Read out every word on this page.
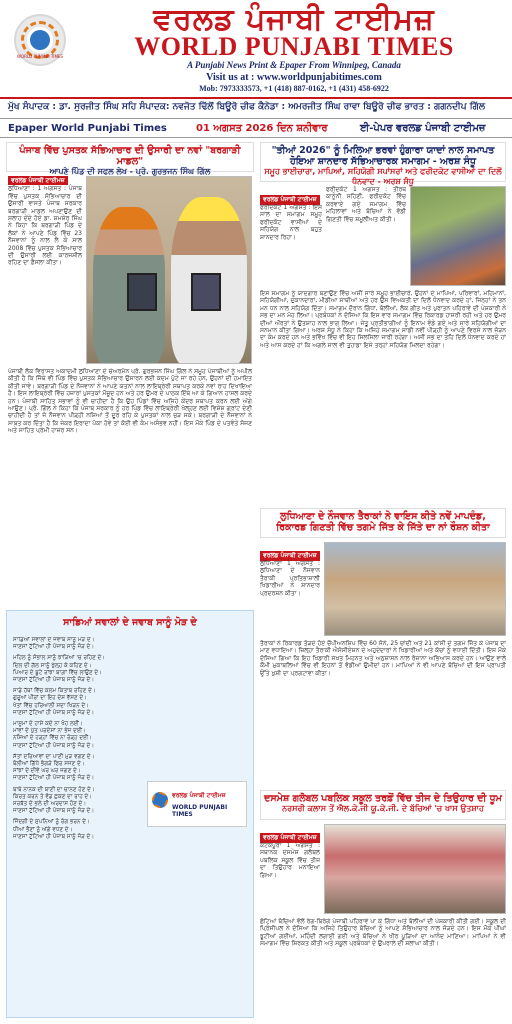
WORLD PUNJABI TIMES
ਵਰਲਡ ਪੰਜਾਬੀ ਟਾਈਮਜ਼
WORLD PUNJABI TIMES
A Punjabi News Print & Epaper From Winnipeg, Canada
Visit us at : www.worldpunjabitimes.com
Mob: 7973333573, +1 (418) 887-0162, +1 (431) 458-6922
ਮੁੱਖ ਸੰਪਾਦਕ : ਡਾ. ਸੁਰਜੀਤ ਸਿੰਘ ਸਹਿ ਸੰਪਾਦਕ: ਨਵਜੋਤ ਢਿੱਲੋਂ ਬਿਊਰੋ ਚੀਫ ਕੈਨੇਡਾ : ਅਮਰਜੀਤ ਸਿੰਘ ਰਾਵਾ ਬਿਊਰੋ ਚੀਫ ਭਾਰਤ : ਗਗਨਦੀਪ ਗਿੱਲ
Epaper World Punjabi Times	01 ਅਗਸਤ 2026 ਦਿਨ ਸ਼ਨੀਵਾਰ	ਈ-ਪੇਪਰ ਵਰਲਡ ਪੰਜਾਬੀ ਟਾਈਮਜ਼
ਪੰਜਾਬ ਵਿੱਚ ਪੁਸਤਕ ਸੱਭਿਆਚਾਰ ਦੀ ਉਸਾਰੀ ਦਾ ਨਵਾਂ "ਬਰਗਾੜੀ ਮਾਡਲ"
ਆਪਣੇ ਪਿੰਡ ਦੀ ਸਫਲ ਲੇਖ - ਪ੍ਰੋ. ਗੁਰਭਜਨ ਸਿੰਘ ਗਿੱਲ
ਵਰਲਡ ਪੰਜਾਬੀ ਟਾਈਮਜ਼ ਲੁਧਿਆਣਾ : 1 ਅਗਸਤ : ਪੰਜਾਬ ਵਿੱਚ ਪੁਸਤਕ ਸੱਭਿਆਚਾਰ ਦੀ ਉਸਾਰੀ ਵਾਸਤੇ ਪੰਜਾਬ ਸਰਕਾਰ ਬਰਗਾੜੀ ਮਾਡਲ ਅਪਣਾਉਣ ਦੀ ਸਲਾਹ ਦੇਂਦੇ ਹੋਏ ਡਾ. ਸ਼ਮਸ਼ੇਰ ਸਿੰਘ ਨੇ ਕਿਹਾ ਕਿ ਬਰਗਾੜੀ ਪਿੰਡ ਦੇ ਲੋਕਾਂ ਨੇ ਆਪਣੇ ਪਿੰਡ ਵਿੱਚ 23 ਨੌਜਵਾਨਾਂ ਨੂੰ ਨਾਲ ਲੈ ਕੇ ਸਾਲ 2008 ਵਿੱਚ ਪੁਸਤਕ ਸੱਭਿਆਚਾਰ ਦੀ ਉਸਾਰੀ ਲਈ ਕਾਰਜਸ਼ੀਲ ਰਹਿਣ ਦਾ ਫ਼ੈਸਲਾ ਕੀਤਾ।
ਪੰਜਾਬੀ ਲੋਕ ਵਿਰਾਸਤ ਅਕਾਦਮੀ ਲੁਧਿਆਣਾ ਦੇ ਚੇਅਰਮੈਨ ਪ੍ਰੋ. ਗੁਰਭਜਨ ਸਿੰਘ ਗਿੱਲ ਨੇ ਸਮੂਹ ਪੰਜਾਬੀਆਂ ਨੂੰ ਅਪੀਲ ਕੀਤੀ ਹੈ ਕਿ ਜਿੱਥੇ ਵੀ ਪਿੰਡ ਵਿੱਚ ਪੁਸਤਕ ਸੱਭਿਆਚਾਰ ਉਸਾਰਨ ਲਈ ਕਦਮ ਪੁੱਟੇ ਜਾ ਰਹੇ ਹਨ, ਉਹਨਾਂ ਦੀ ਹਮਾਇਤ ਕੀਤੀ ਜਾਵੇ। ਬਰਗਾੜੀ ਪਿੰਡ ਦੇ ਨੌਜਵਾਨਾਂ ਨੇ ਆਪਣੇ ਯਤਨਾਂ ਨਾਲ ਲਾਇਬ੍ਰੇਰੀ ਸਥਾਪਤ ਕਰਕੇ ਨਵਾਂ ਰਾਹ ਦਿਖਾਇਆ ਹੈ। ਇਸ ਲਾਇਬ੍ਰੇਰੀ ਵਿੱਚ ਹਜ਼ਾਰਾਂ ਪੁਸਤਕਾਂ ਮੌਜੂਦ ਹਨ ਅਤੇ ਹਰ ਉਮਰ ਦੇ ਪਾਠਕ ਇੱਥੇ ਆ ਕੇ ਗਿਆਨ ਹਾਸਲ ਕਰਦੇ ਹਨ। ਪੰਜਾਬੀ ਸਾਹਿਤ ਸਭਾਵਾਂ ਨੂੰ ਵੀ ਚਾਹੀਦਾ ਹੈ ਕਿ ਉਹ ਪਿੰਡਾਂ ਵਿੱਚ ਅਜਿਹੇ ਕੇਂਦਰ ਸਥਾਪਤ ਕਰਨ ਲਈ ਅੱਗੇ ਆਉਣ। ਪ੍ਰੋ. ਗਿੱਲ ਨੇ ਕਿਹਾ ਕਿ ਪੰਜਾਬ ਸਰਕਾਰ ਨੂੰ ਹਰ ਪਿੰਡ ਵਿੱਚ ਲਾਇਬ੍ਰੇਰੀ ਖੋਲ੍ਹਣ ਲਈ ਵਿਸ਼ੇਸ਼ ਗ੍ਰਾਂਟ ਦੇਣੀ ਚਾਹੀਦੀ ਹੈ ਤਾਂ ਜੋ ਨੌਜਵਾਨ ਪੀੜ੍ਹੀ ਨਸ਼ਿਆਂ ਤੋਂ ਦੂਰ ਰਹਿ ਕੇ ਪੁਸਤਕਾਂ ਨਾਲ ਜੁੜ ਸਕੇ। ਬਰਗਾੜੀ ਦੇ ਨੌਜਵਾਨਾਂ ਨੇ ਸਾਬਤ ਕਰ ਦਿੱਤਾ ਹੈ ਕਿ ਜੇਕਰ ਇਰਾਦਾ ਪੱਕਾ ਹੋਵੇ ਤਾਂ ਕੋਈ ਵੀ ਕੰਮ ਅਸੰਭਵ ਨਹੀਂ। ਇਸ ਮੌਕੇ ਪਿੰਡ ਦੇ ਪਤਵੰਤੇ ਸੱਜਣ ਅਤੇ ਸਾਹਿਤ ਪ੍ਰੇਮੀ ਹਾਜ਼ਰ ਸਨ।
ਸਾਡਿਆਂ ਸਵਾਲਾਂ ਦੇ ਜਵਾਬ ਸਾਨੂੰ ਮੋੜ ਦੇ
ਸਾਡਿਆਂ ਸਵਾਲਾਂ ਦੇ ਜਵਾਬ ਸਾਨੂੰ ਮੋੜ ਦੇ।
ਜਾਣਸਾਂ ਟੁੱਟਿਆਂ ਹੀ ਪੰਜਾਬ ਸਾਨੂੰ ਜੋੜ ਦੇ।
ਮਹਿਲ ਨੂੰ ਸੰਭਾਲ ਸਾਨੂੰ ਝਾੜਿਆਂ 'ਚ ਰਹਿਣ ਦੇ।
ਦਿਲ ਦੀ ਗੱਲ ਸਾਨੂੰ ਖੁੱਲ੍ਹ ਕੇ ਕਹਿਣ ਦੇ।
ਪਿਆਰ ਦੇ ਬੂਟੇ ਰਾਂਝਾ ਬਾਗ਼ਾਂ ਵਿੱਚ ਲਾਉਣ ਦੇ।
ਜਾਣਸਾਂ ਟੁੱਟਿਆਂ ਹੀ ਪੰਜਾਬ ਸਾਨੂੰ ਜੋੜ ਦੇ।
ਸਾਡੇ ਹੱਥਾਂ ਵਿੱਚ ਕਲਮ ਕਿਤਾਬ ਰਹਿਣ ਦੇ।
ਗੁਰੂਆਂ ਪੀਰਾਂ ਦਾ ਇਹ ਦੇਸ਼ ਵੱਸਣ ਦੇ।
ਖੇਤਾਂ ਵਿੱਚ ਹਰਿਆਲੀ ਸਦਾ ਖਿੜਨ ਦੇ।
ਜਾਣਸਾਂ ਟੁੱਟਿਆਂ ਹੀ ਪੰਜਾਬ ਸਾਨੂੰ ਜੋੜ ਦੇ।
ਮਾਸੂਮਾਂ ਦੇ ਹਾਸੇ ਕਦੇ ਨਾ ਖੋਹ ਲਈਂ।
ਮਾਂਵਾਂ ਦੇ ਪੁੱਤ ਪਰਦੇਸਾਂ ਨਾ ਭੇਜ ਦਈਂ।
ਨਸ਼ਿਆਂ ਦੇ ਹੜ੍ਹਾਂ ਵਿੱਚ ਨਾ ਰੋੜ੍ਹ ਦਈਂ।
ਜਾਣਸਾਂ ਟੁੱਟਿਆਂ ਹੀ ਪੰਜਾਬ ਸਾਨੂੰ ਜੋੜ ਦੇ।
ਸੱਤਾਂ ਦਰਿਆਵਾਂ ਦਾ ਪਾਣੀ ਮੁੜ ਵਗਣ ਦੇ।
ਬੋਲੀਆਂ ਗਿੱਧੇ ਭੰਗੜੇ ਫਿਰ ਸਜਣ ਦੇ।
ਸਾਂਝਾਂ ਦੇ ਦੀਵੇ ਘਰ ਘਰ ਜਗਣ ਦੇ।
ਜਾਣਸਾਂ ਟੁੱਟਿਆਂ ਹੀ ਪੰਜਾਬ ਸਾਨੂੰ ਜੋੜ ਦੇ।
ਬਾਬੇ ਨਾਨਕ ਦੀ ਬਾਣੀ ਦਾ ਚਾਨਣ ਹੋਣ ਦੇ।
ਕਿਰਤ ਕਰਨ ਤੇ ਵੰਡ ਛਕਣ ਦਾ ਰਾਹ ਦੇ।
ਸਰਬੱਤ ਦੇ ਭਲੇ ਦੀ ਅਰਦਾਸ ਹੋਣ ਦੇ।
ਜਾਣਸਾਂ ਟੁੱਟਿਆਂ ਹੀ ਪੰਜਾਬ ਸਾਨੂੰ ਜੋੜ ਦੇ।
ਜਿੰਦਗੀ ਦੇ ਸੁਪਨਿਆਂ ਨੂੰ ਰੰਗ ਭਰਨ ਦੇ।
ਧੀਆਂ ਭੈਣਾਂ ਨੂੰ ਅੱਗੇ ਵਧਣ ਦੇ।
ਜਾਣਸਾਂ ਟੁੱਟਿਆਂ ਹੀ ਪੰਜਾਬ ਸਾਨੂੰ ਜੋੜ ਦੇ।
ਵਰਲਡ ਪੰਜਾਬੀ ਟਾਈਮਜ਼
WORLD PUNJABI TIMES
"ਤੀਆਂ 2026" ਨੂੰ ਮਿਲਿਆ ਭਰਵਾਂ ਹੁੰਗਾਰਾ ਯਾਦਾਂ ਨਾਲ ਸਮਾਪਤ ਹੋਇਆ ਸ਼ਾਨਦਾਰ ਸੱਭਿਆਚਾਰਕ ਸਮਾਗਮ - ਅਰਸ਼ ਸੰਧੂ
ਸਮੂਹ ਭਾਈਚਾਰਾ, ਮਾਪਿਆਂ, ਸਹਿਯੋਗੀ ਸਪਾਂਸਰਾਂ ਅਤੇ ਫਰੀਦਕੋਟ ਵਾਸੀਆਂ ਦਾ ਦਿਲੋਂ ਧੰਨਵਾਦ - ਅਰਸ਼ ਸੰਧੂ
ਵਰਲਡ ਪੰਜਾਬੀ ਟਾਈਮਜ਼
ਫਰੀਦਕੋਟ 1 ਅਗਸਤ : ਇਸ ਸਾਲ ਦਾ ਸਮਾਗਮ ਸਮੂਹ ਫਰੀਦਕੋਟ ਵਾਸੀਆਂ ਦੇ ਸਹਿਯੋਗ ਨਾਲ ਬਹੁਤ ਸ਼ਾਨਦਾਰ ਰਿਹਾ।
ਫਰੀਦਕੋਟ 1 ਅਗਸਤ : ਤੀਰਥ ਕਾਨੂੰਨੀ ਸਹਿਣੀ, ਫਰੀਦਕੋਟ ਵਿੱਚ ਕਰਵਾਏ ਗਏ ਸਮਾਗਮ ਵਿੱਚ ਮਹਿਲਾਵਾਂ ਅਤੇ ਬੱਚਿਆਂ ਨੇ ਵੱਡੀ ਗਿਣਤੀ ਵਿੱਚ ਸ਼ਮੂਲੀਅਤ ਕੀਤੀ।
ਇਸ ਸਮਾਗਮ ਨੂੰ ਯਾਦਗਾਰ ਬਣਾਉਣ ਵਿੱਚ ਅਸੀਂ ਸਾਰੇ ਸਮੂਹ ਭਾਈਚਾਰੇ, ਉਹਨਾਂ ਦੇ ਮਾਪਿਆਂ, ਪਰਿਵਾਰਾਂ, ਮਹਿਮਾਨਾਂ, ਸਹਿਯੋਗੀਆਂ, ਦੁਕਾਨਦਾਰਾਂ, ਮੀਡੀਆ ਸਾਥੀਆਂ ਅਤੇ ਹਰ ਉਸ ਵਿਅਕਤੀ ਦਾ ਦਿਲੋਂ ਧੰਨਵਾਦ ਕਰਦੇ ਹਾਂ, ਜਿਨ੍ਹਾਂ ਨੇ ਤਨ ਮਨ ਧਨ ਨਾਲ ਸਹਿਯੋਗ ਦਿੱਤਾ। ਸਮਾਗਮ ਦੌਰਾਨ ਗਿੱਧਾ, ਬੋਲੀਆਂ, ਲੋਕ ਗੀਤ ਅਤੇ ਪੁਰਾਤਨ ਪਹਿਰਾਵੇ ਦੀ ਪੇਸ਼ਕਾਰੀ ਨੇ ਸਭ ਦਾ ਮਨ ਮੋਹ ਲਿਆ। ਪ੍ਰਬੰਧਕਾਂ ਨੇ ਦੱਸਿਆ ਕਿ ਇਸ ਵਾਰ ਸਮਾਗਮ ਵਿੱਚ ਰਿਕਾਰਡ ਹਾਜ਼ਰੀ ਰਹੀ ਅਤੇ ਹਰ ਉਮਰ ਦੀਆਂ ਔਰਤਾਂ ਨੇ ਉਤਸ਼ਾਹ ਨਾਲ ਭਾਗ ਲਿਆ। ਜੇਤੂ ਪ੍ਰਤੀਭਾਗੀਆਂ ਨੂੰ ਇਨਾਮ ਵੰਡੇ ਗਏ ਅਤੇ ਸਾਰੇ ਸਹਿਯੋਗੀਆਂ ਦਾ ਸਨਮਾਨ ਕੀਤਾ ਗਿਆ। ਅਰਸ਼ ਸੰਧੂ ਨੇ ਕਿਹਾ ਕਿ ਅਜਿਹੇ ਸਮਾਗਮ ਸਾਡੀ ਨਵੀਂ ਪੀੜ੍ਹੀ ਨੂੰ ਆਪਣੇ ਵਿਰਸੇ ਨਾਲ ਜੋੜਨ ਦਾ ਕੰਮ ਕਰਦੇ ਹਨ ਅਤੇ ਭਵਿੱਖ ਵਿੱਚ ਵੀ ਇਹ ਸਿਲਸਿਲਾ ਜਾਰੀ ਰਹੇਗਾ। ਅਸੀਂ ਸਭ ਦਾ ਤਹਿ ਦਿਲੋਂ ਧੰਨਵਾਦ ਕਰਦੇ ਹਾਂ ਅਤੇ ਆਸ ਕਰਦੇ ਹਾਂ ਕਿ ਅਗਲੇ ਸਾਲ ਵੀ ਤੁਹਾਡਾ ਇਸੇ ਤਰ੍ਹਾਂ ਸਹਿਯੋਗ ਮਿਲਦਾ ਰਹੇਗਾ।
ਲੁਧਿਆਣਾ ਦੇ ਨੌਜਵਾਨ ਤੈਰਾਕਾਂ ਨੇ ਵਾਇਸ ਕੀਤੇ ਨਵੇਂ ਮਾਪਦੰਡ, ਰਿਕਾਰਡ ਗਿਣਤੀ ਵਿੱਚ ਤਗਮੇ ਜਿੱਤ ਕੇ ਜਿੱਤੇ ਦਾ ਨਾਂ ਰੌਸ਼ਨ ਕੀਤਾ
ਵਰਲਡ ਪੰਜਾਬੀ ਟਾਈਮਜ਼
ਲੁਧਿਆਣਾ 1 ਅਗਸਤ : ਲੁਧਿਆਣਾ ਦੇ ਨੌਜਵਾਨ ਤੈਰਾਕੀ ਪ੍ਰਤਿਭਾਸ਼ਾਲੀ ਖਿਡਾਰੀਆਂ ਨੇ ਸ਼ਾਨਦਾਰ ਪ੍ਰਦਰਸ਼ਨ ਕੀਤਾ।
ਤੈਰਾਕਾਂ ਨੇ ਰਿਕਾਰਡ ਤੋੜਦੇ ਹੋਏ ਚੈਂਪੀਅਨਸ਼ਿਪ ਵਿੱਚ 60 ਸੋਨੇ, 25 ਚਾਂਦੀ ਅਤੇ 21 ਕਾਂਸੀ ਦੇ ਤਗਮੇ ਜਿੱਤ ਕੇ ਪੰਜਾਬ ਦਾ ਮਾਣ ਵਧਾਇਆ। ਜ਼ਿਲ੍ਹਾ ਤੈਰਾਕੀ ਐਸੋਸੀਏਸ਼ਨ ਦੇ ਅਹੁਦੇਦਾਰਾਂ ਨੇ ਖਿਡਾਰੀਆਂ ਅਤੇ ਕੋਚਾਂ ਨੂੰ ਵਧਾਈ ਦਿੱਤੀ। ਇਸ ਮੌਕੇ ਦੱਸਿਆ ਗਿਆ ਕਿ ਇਹ ਖਿਡਾਰੀ ਸਖ਼ਤ ਮਿਹਨਤ ਅਤੇ ਅਨੁਸ਼ਾਸਨ ਨਾਲ ਰੋਜ਼ਾਨਾ ਅਭਿਆਸ ਕਰਦੇ ਹਨ। ਆਉਣ ਵਾਲੇ ਕੌਮੀ ਮੁਕਾਬਲਿਆਂ ਵਿੱਚ ਵੀ ਇਹਨਾਂ ਤੋਂ ਵੱਡੀਆਂ ਉਮੀਦਾਂ ਹਨ। ਮਾਪਿਆਂ ਨੇ ਵੀ ਆਪਣੇ ਬੱਚਿਆਂ ਦੀ ਇਸ ਪ੍ਰਾਪਤੀ ਉੱਤੇ ਖੁਸ਼ੀ ਦਾ ਪ੍ਰਗਟਾਵਾ ਕੀਤਾ।
ਦਸਮੇਸ਼ ਗਲੋਬਲ ਪਬਲਿਕ ਸਕੂਲ ਤਰਫ਼ੋਂ ਵਿੱਚ ਤੀਜ ਦੇ ਤਿਉਹਾਰ ਦੀ ਧੂਮ
ਨਰਸਰੀ ਕਲਾਸ ਤੋਂ ਐਲ.ਕੇ.ਜੀ ਯੂ.ਕੇ.ਜੀ. ਦੇ ਬੱਚਿਆਂ 'ਚ ਖਾਸ ਉਤਸ਼ਾਹ
ਵਰਲਡ ਪੰਜਾਬੀ ਟਾਈਮਜ਼
ਕੋਟਕਪੂਰਾ 1 ਅਗਸਤ : ਸਥਾਨਕ ਦਸਮੇਸ਼ ਗਲੋਬਲ ਪਬਲਿਕ ਸਕੂਲ ਵਿੱਚ ਤੀਜ ਦਾ ਤਿਉਹਾਰ ਮਨਾਇਆ ਗਿਆ।
ਛੋਟਿਆਂ ਬੱਚਿਆਂ ਵੱਲੋਂ ਰੰਗ-ਬਿਰੰਗੇ ਪੰਜਾਬੀ ਪਹਿਰਾਵੇ ਪਾ ਕੇ ਗਿੱਧਾ ਅਤੇ ਬੋਲੀਆਂ ਦੀ ਪੇਸ਼ਕਾਰੀ ਕੀਤੀ ਗਈ। ਸਕੂਲ ਦੀ ਪ੍ਰਿੰਸੀਪਲ ਨੇ ਦੱਸਿਆ ਕਿ ਅਜਿਹੇ ਤਿਉਹਾਰ ਬੱਚਿਆਂ ਨੂੰ ਆਪਣੇ ਸੱਭਿਆਚਾਰ ਨਾਲ ਜੋੜਦੇ ਹਨ। ਇਸ ਮੌਕੇ ਪੀਂਘਾਂ ਝੂਟੀਆਂ ਗਈਆਂ, ਮਹਿੰਦੀ ਲਗਾਈ ਗਈ ਅਤੇ ਬੱਚਿਆਂ ਨੇ ਖੀਰ ਪੂੜਿਆਂ ਦਾ ਆਨੰਦ ਮਾਣਿਆ। ਮਾਪਿਆਂ ਨੇ ਵੀ ਸਮਾਗਮ ਵਿੱਚ ਸ਼ਿਰਕਤ ਕੀਤੀ ਅਤੇ ਸਕੂਲ ਪ੍ਰਬੰਧਕਾਂ ਦੇ ਉਪਰਾਲੇ ਦੀ ਸ਼ਲਾਘਾ ਕੀਤੀ।
